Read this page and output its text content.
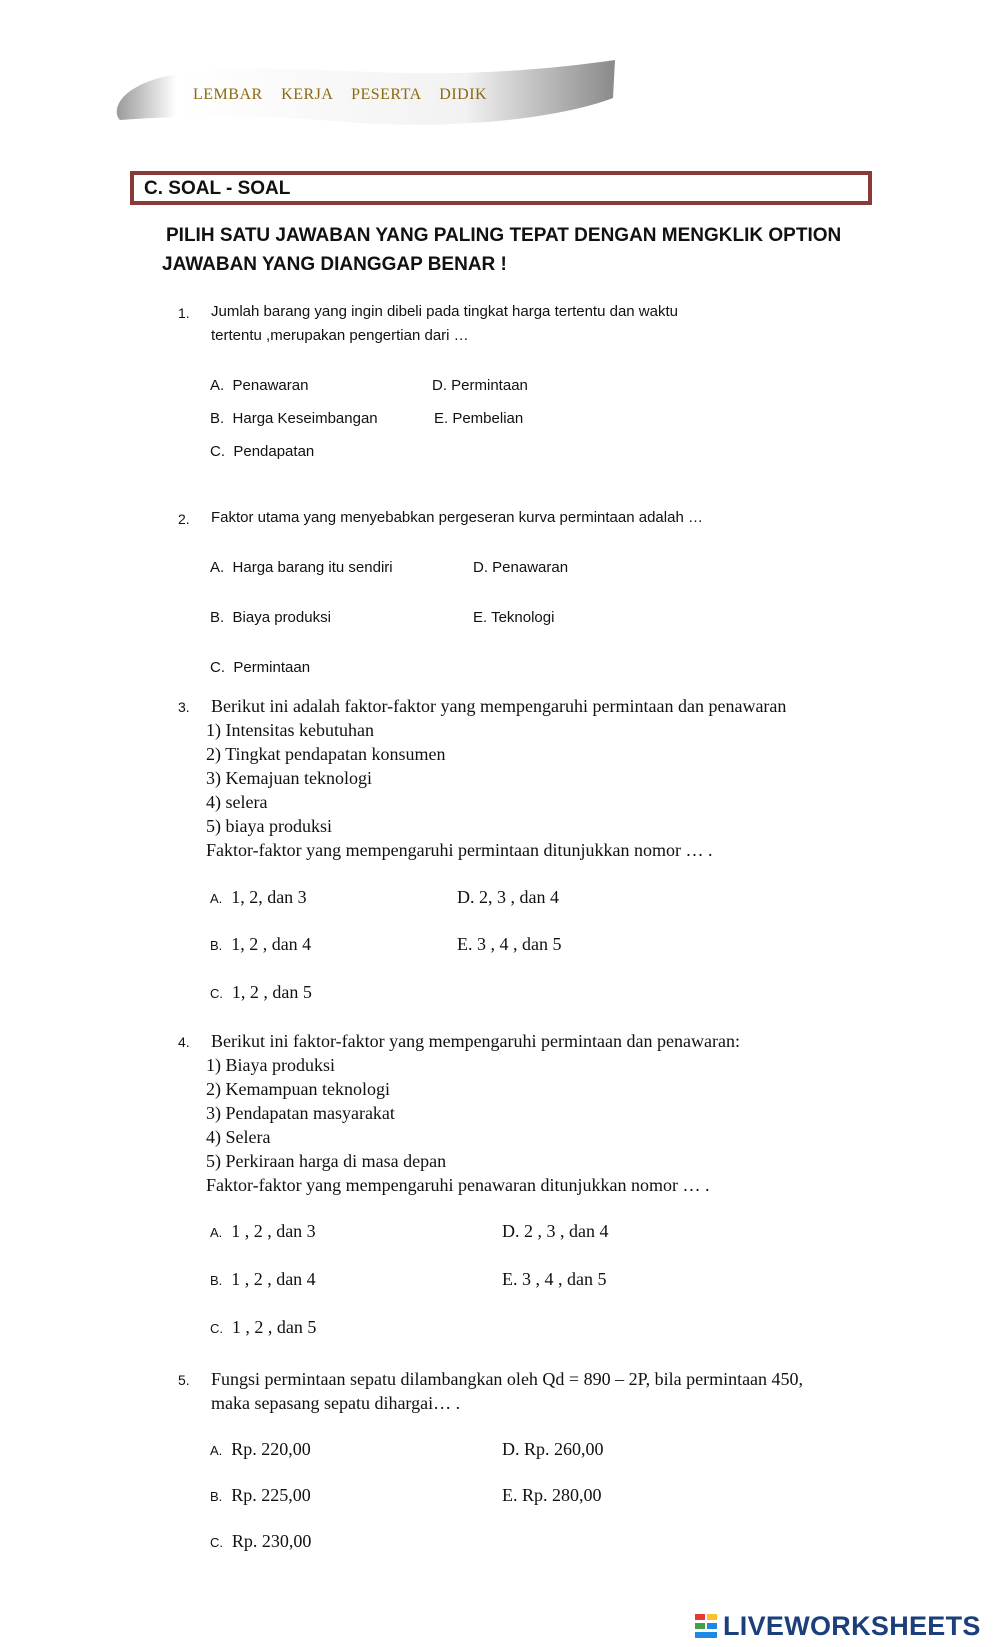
LEMBAR KERJA PESERTA DIDIK
C. SOAL - SOAL
PILIH SATU JAWABAN YANG PALING TEPAT DENGAN MENGKLIK OPTION
JAWABAN YANG DIANGGAP BENAR !
1. Jumlah barang yang ingin dibeli pada tingkat harga tertentu dan waktu
tertentu ,merupakan pengertian dari …
A. Penawaran
B. Harga Keseimbangan
C. Pendapatan
D. Permintaan
E. Pembelian
2. Faktor utama yang menyebabkan pergeseran kurva permintaan adalah …
A. Harga barang itu sendiri
B. Biaya produksi
C. Permintaan
D. Penawaran
E. Teknologi
3. Berikut ini adalah faktor-faktor yang mempengaruhi permintaan dan penawaran
1) Intensitas kebutuhan
2) Tingkat pendapatan konsumen
3) Kemajuan teknologi
4) selera
5) biaya produksi
Faktor-faktor yang mempengaruhi permintaan ditunjukkan nomor … .
A. 1, 2, dan 3
B. 1, 2 , dan 4
C. 1, 2 , dan 5
D. 2, 3 , dan 4
E. 3 , 4 , dan 5
4. Berikut ini faktor-faktor yang mempengaruhi permintaan dan penawaran:
1) Biaya produksi
2) Kemampuan teknologi
3) Pendapatan masyarakat
4) Selera
5) Perkiraan harga di masa depan
Faktor-faktor yang mempengaruhi penawaran ditunjukkan nomor … .
A. 1 , 2 , dan 3
B. 1 , 2 , dan 4
C. 1 , 2 , dan 5
D. 2 , 3 , dan 4
E. 3 , 4 , dan 5
5. Fungsi permintaan sepatu dilambangkan oleh Qd = 890 – 2P, bila permintaan 450,
maka sepasang sepatu dihargai… .
A. Rp. 220,00
B. Rp. 225,00
C. Rp. 230,00
D. Rp. 260,00
E. Rp. 280,00
LIVEWORKSHEETS
